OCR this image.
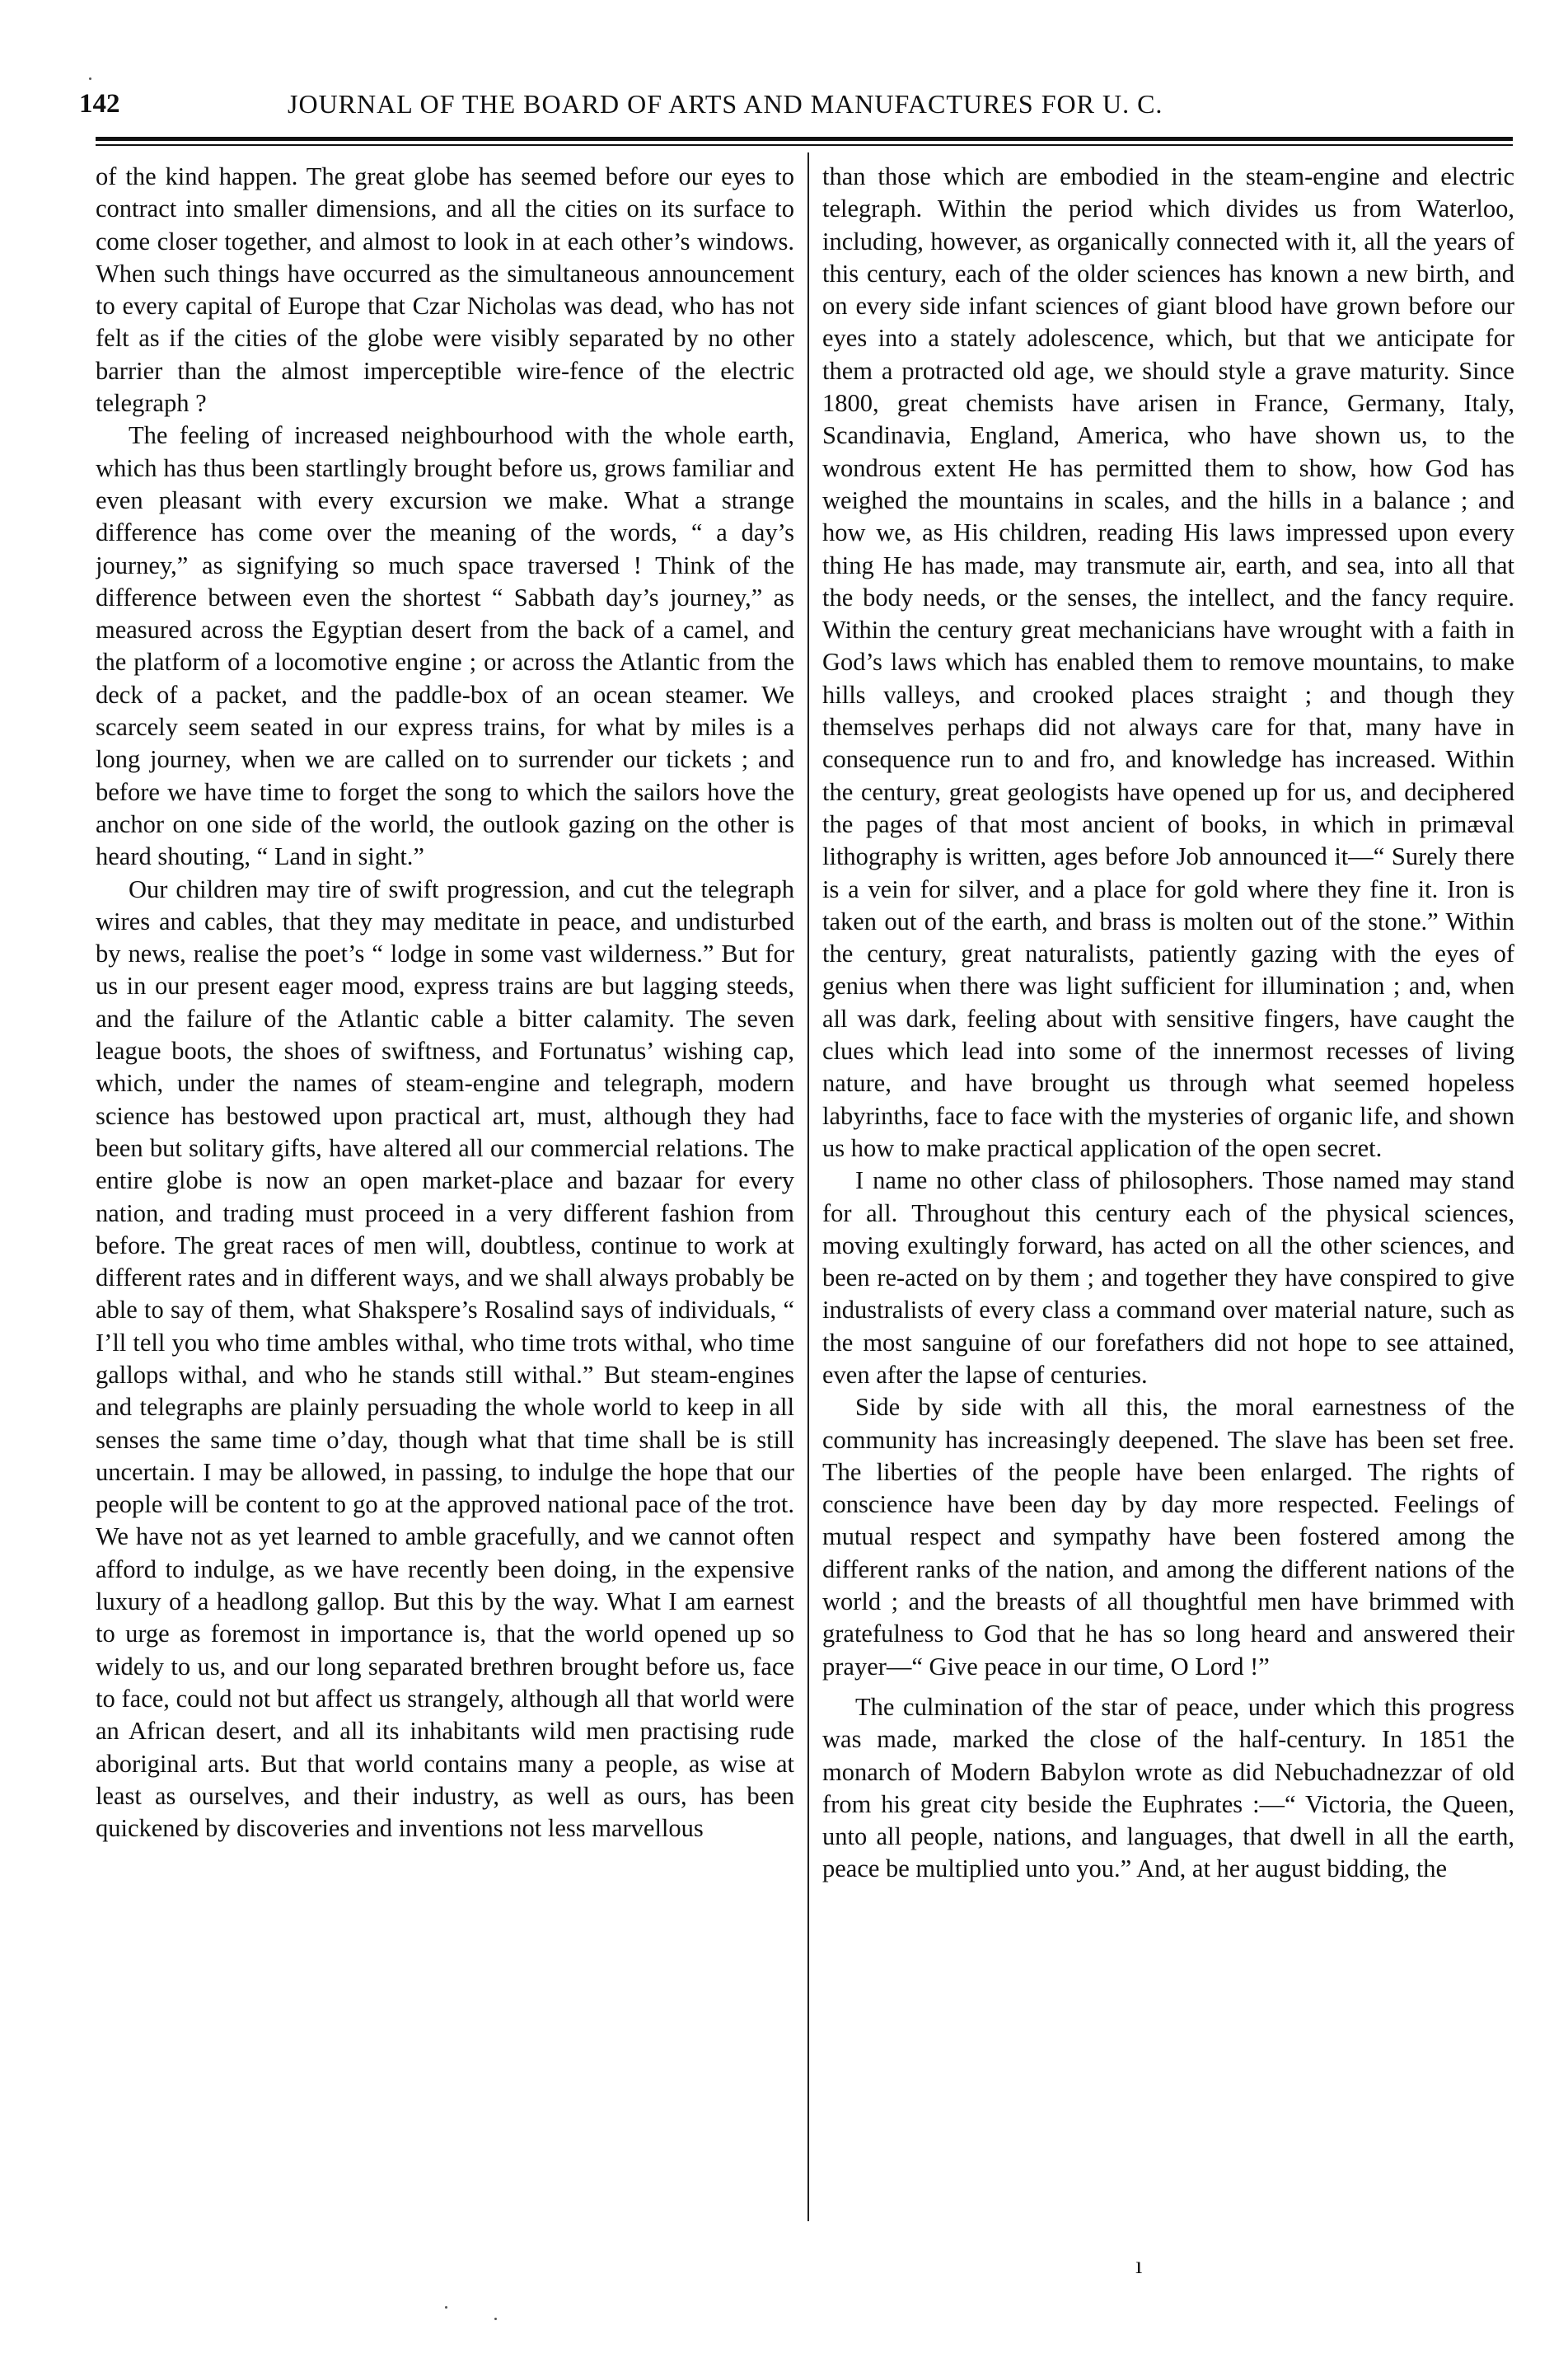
142	JOURNAL OF THE BOARD OF ARTS AND MANUFACTURES FOR U. C.

of the kind happen. The great globe has seemed before our eyes to contract into smaller dimensions, and all the cities on its surface to come closer together, and almost to look in at each other’s windows. When such things have occurred as the simultaneous announcement to every capital of Europe that Czar Nicholas was dead, who has not felt as if the cities of the globe were visibly separated by no other barrier than the almost imperceptible wire-fence of the electric telegraph ?

The feeling of increased neighbourhood with the whole earth, which has thus been startlingly brought before us, grows familiar and even pleasant with every excursion we make. What a strange difference has come over the meaning of the words, “ a day’s journey,” as signifying so much space traversed ! Think of the difference between even the shortest “ Sabbath day’s journey,” as measured across the Egyptian desert from the back of a camel, and the platform of a locomotive engine ; or across the Atlantic from the deck of a packet, and the paddle-box of an ocean steamer. We scarcely seem seated in our express trains, for what by miles is a long journey, when we are called on to surrender our tickets ; and before we have time to forget the song to which the sailors hove the anchor on one side of the world, the outlook gazing on the other is heard shouting, “ Land in sight.”

Our children may tire of swift progression, and cut the telegraph wires and cables, that they may meditate in peace, and undisturbed by news, realise the poet’s “ lodge in some vast wilderness.” But for us in our present eager mood, express trains are but lagging steeds, and the failure of the Atlantic cable a bitter calamity. The seven league boots, the shoes of swiftness, and Fortunatus’ wishing cap, which, under the names of steam-engine and telegraph, modern science has bestowed upon practical art, must, although they had been but solitary gifts, have altered all our commercial relations. The entire globe is now an open market-place and bazaar for every nation, and trading must proceed in a very different fashion from before. The great races of men will, doubtless, continue to work at different rates and in different ways, and we shall always probably be able to say of them, what Shakspere’s Rosalind says of individuals, “ I’ll tell you who time ambles withal, who time trots withal, who time gallops withal, and who he stands still withal.” But steam-engines and telegraphs are plainly persuading the whole world to keep in all senses the same time o’day, though what that time shall be is still uncertain. I may be allowed, in passing, to indulge the hope that our people will be content to go at the approved national pace of the trot. We have not as yet learned to amble gracefully, and we cannot often afford to indulge, as we have recently been doing, in the expensive luxury of a headlong gallop. But this by the way. What I am earnest to urge as foremost in importance is, that the world opened up so widely to us, and our long separated brethren brought before us, face to face, could not but affect us strangely, although all that world were an African desert, and all its inhabitants wild men practising rude aboriginal arts. But that world contains many a people, as wise at least as ourselves, and their industry, as well as ours, has been quickened by discoveries and inventions not less marvellous

than those which are embodied in the steam-engine and electric telegraph. Within the period which divides us from Waterloo, including, however, as organically connected with it, all the years of this century, each of the older sciences has known a new birth, and on every side infant sciences of giant blood have grown before our eyes into a stately adolescence, which, but that we anticipate for them a protracted old age, we should style a grave maturity. Since 1800, great chemists have arisen in France, Germany, Italy, Scandinavia, England, America, who have shown us, to the wondrous extent He has permitted them to show, how God has weighed the mountains in scales, and the hills in a balance ; and how we, as His children, reading His laws impressed upon every thing He has made, may transmute air, earth, and sea, into all that the body needs, or the senses, the intellect, and the fancy require. Within the century great mechanicians have wrought with a faith in God’s laws which has enabled them to remove mountains, to make hills valleys, and crooked places straight ; and though they themselves perhaps did not always care for that, many have in consequence run to and fro, and knowledge has increased. Within the century, great geologists have opened up for us, and deciphered the pages of that most ancient of books, in which in primæval lithography is written, ages before Job announced it—“ Surely there is a vein for silver, and a place for gold where they fine it. Iron is taken out of the earth, and brass is molten out of the stone.” Within the century, great naturalists, patiently gazing with the eyes of genius when there was light sufficient for illumination ; and, when all was dark, feeling about with sensitive fingers, have caught the clues which lead into some of the innermost recesses of living nature, and have brought us through what seemed hopeless labyrinths, face to face with the mysteries of organic life, and shown us how to make practical application of the open secret.

I name no other class of philosophers. Those named may stand for all. Throughout this century each of the physical sciences, moving exultingly forward, has acted on all the other sciences, and been re-acted on by them ; and together they have conspired to give industralists of every class a command over material nature, such as the most sanguine of our forefathers did not hope to see attained, even after the lapse of centuries.

Side by side with all this, the moral earnestness of the community has increasingly deepened. The slave has been set free. The liberties of the people have been enlarged. The rights of conscience have been day by day more respected. Feelings of mutual respect and sympathy have been fostered among the different ranks of the nation, and among the different nations of the world ; and the breasts of all thoughtful men have brimmed with gratefulness to God that he has so long heard and answered their prayer—“ Give peace in our time, O Lord !”

The culmination of the star of peace, under which this progress was made, marked the close of the half-century. In 1851 the monarch of Modern Babylon wrote as did Nebuchadnezzar of old from his great city beside the Euphrates :—“ Victoria, the Queen, unto all people, nations, and languages, that dwell in all the earth, peace be multiplied unto you.” And, at her august bidding, the

ı
